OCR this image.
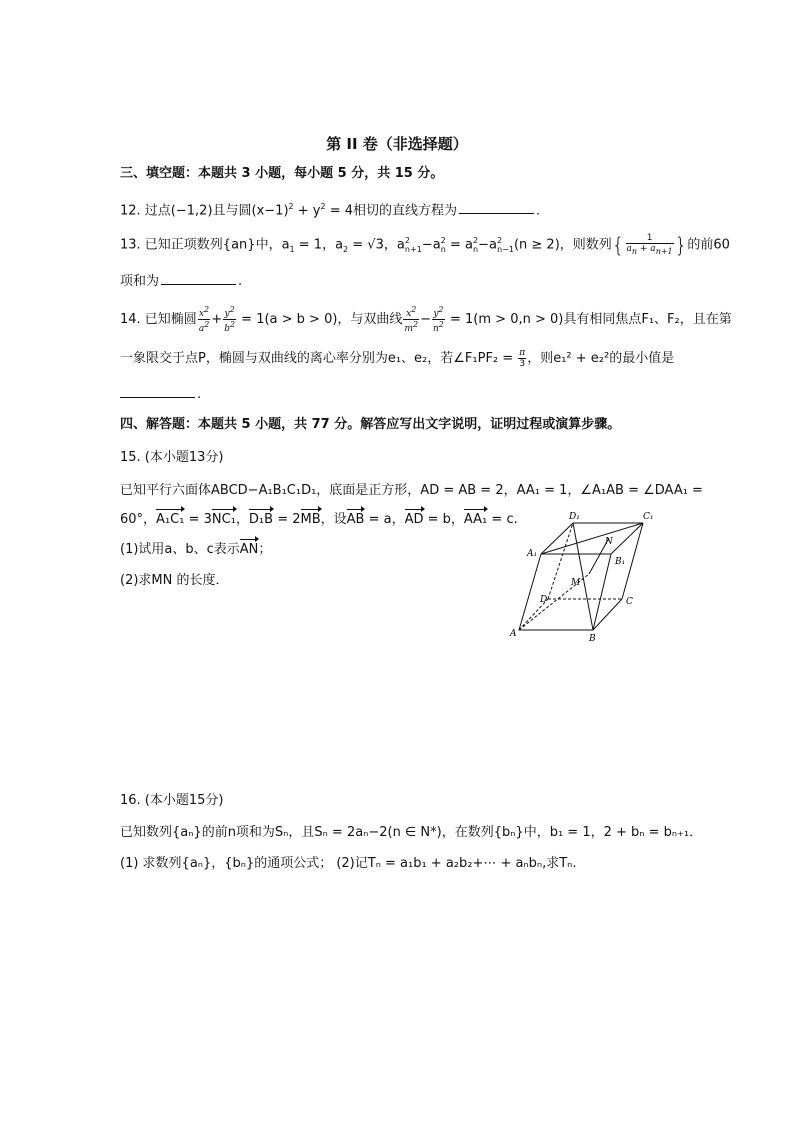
第 II 卷（非选择题）
三、填空题：本题共 3 小题，每小题 5 分，共 15 分。
12. 过点(−1,2)且与圆$(x-1)^2 + y^2 = 4$相切的直线方程为	.
13. 已知正项数列{an}中，$a_1 = 1$，$a_2 = √3$，$a^2_{n+1}-a^2_n = a^2_n-a^2_{n-1}(n \ge 2)$，则数列{ $\frac{1}{a_n + a_{n+1}}$ }的前60
项和为	.
14. 已知椭圆 $\frac{x^2}{a^2} + \frac{y^2}{b^2} = 1(a > b > 0)$，与双曲线 $\frac{x^2}{m^2} - \frac{y^2}{n^2} = 1(m > 0,n > 0)$具有相同焦点F₁、F₂，且在第
一象限交于点P，椭圆与双曲线的离心率分别为e₁、e₂，若∠F₁PF₂ = $\frac{\pi}{3}$ ，则e₁² + e₂²的最小值是
.
四、解答题：本题共 5 小题，共 77 分。解答应写出文字说明，证明过程或演算步骤。
15. (本小题13分)
已知平行六面体ABCD−A₁B₁C₁D₁，底面是正方形，AD = AB = 2，AA₁ = 1，∠A₁AB = ∠DAA₁ =
60°，A₁C₁ = 3NC₁，D₁B = 2MB，设AB = a，AD = b，AA₁ = c.
(1)试用a、b、c表示AN；
(2)求MN 的长度．
D₁	C₁
A₁
N
B₁
M
D	C
A	B
16. (本小题15分)
已知数列{aₙ}的前n项和为Sₙ，且Sₙ = 2aₙ−2(n ∈ N*)，在数列{bₙ}中，b₁ = 1，2 + bₙ = bₙ₊₁．
(1) 求数列{aₙ}，{bₙ}的通项公式； (2)记Tₙ = a₁b₁ + a₂b₂+⋯ + aₙbₙ,求Tₙ.
